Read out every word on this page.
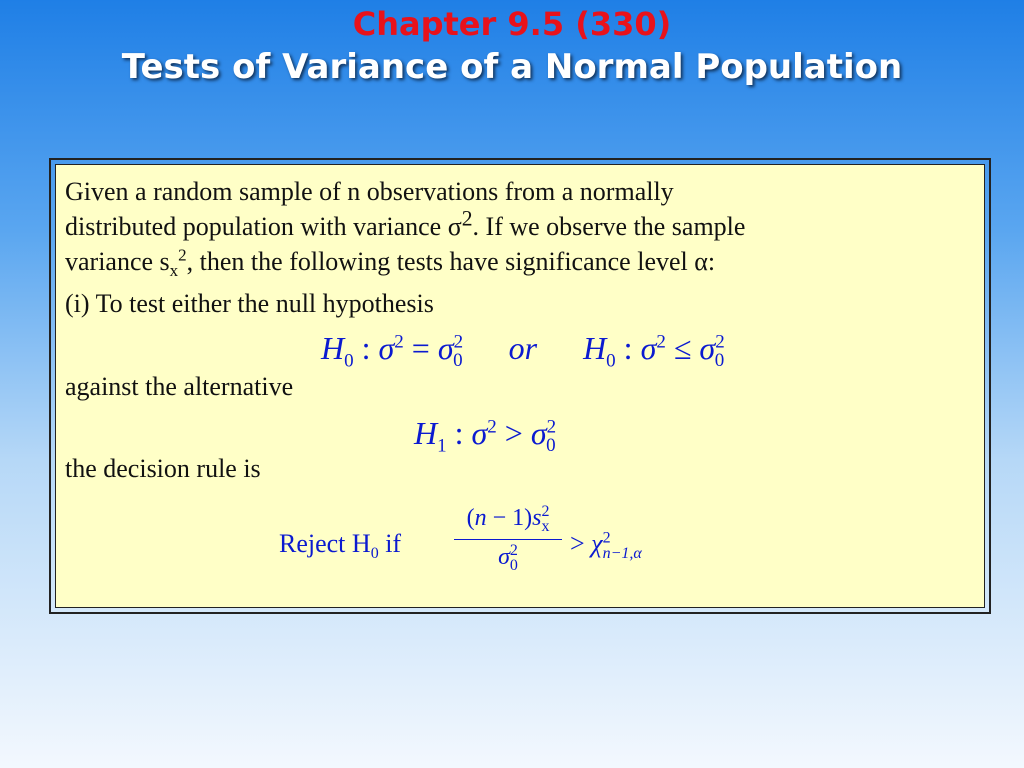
Chapter 9.5 (330)
Tests of Variance of a Normal Population
Given a random sample of n observations from a normally
distributed population with variance $\sigma^2$. If we observe the sample
variance $s_x^2$, then the following tests have significance level α:
(i) To test either the null hypothesis
$H_0$ : $\sigma^2 = \sigma^2_0$ or $H_0$ : $\sigma^2 \le \sigma^2_0$
against the alternative
$H_1$ : $\sigma^2 > \sigma^2_0$
the decision rule is
Reject $H_0$ if
$(n - 1)s^2_x$
$\sigma^2_0$
> $\chi^2_{n-1,\alpha}$
